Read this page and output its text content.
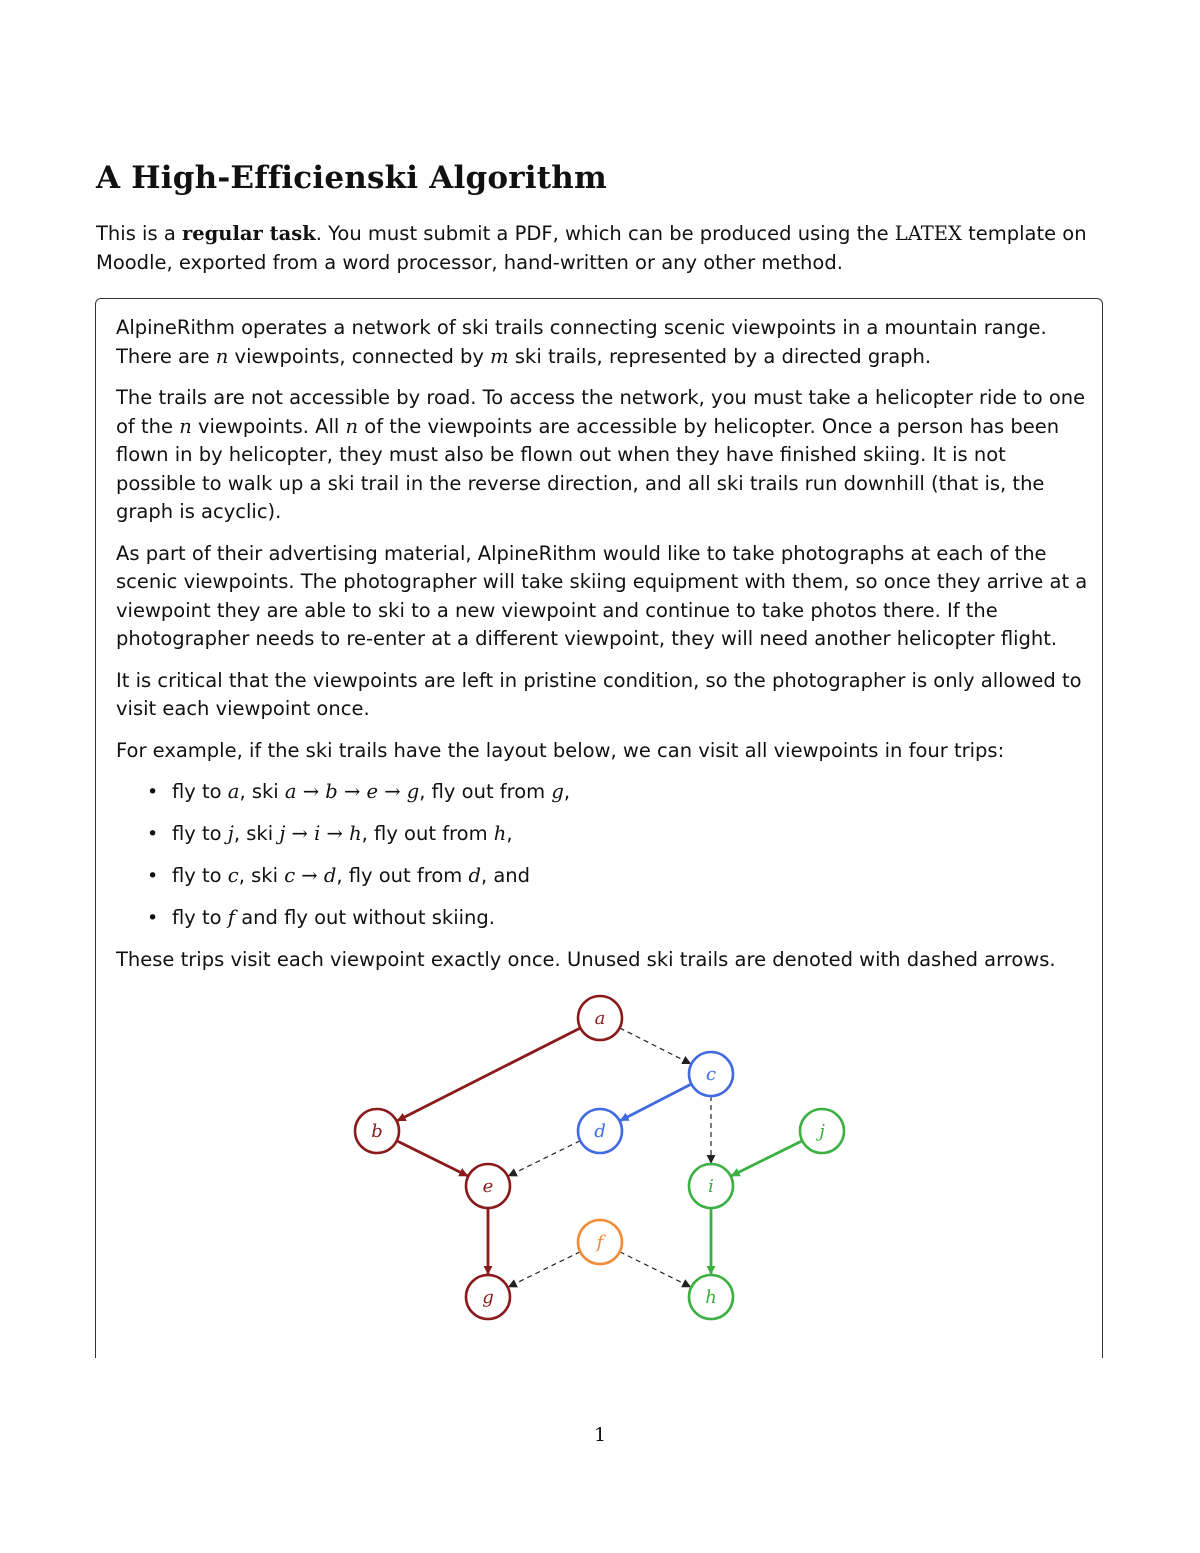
A High-Efficienski Algorithm

This is a regular task. You must submit a PDF, which can be produced using the LATEX template on Moodle, exported from a word processor, hand-written or any other method.

AlpineRithm operates a network of ski trails connecting scenic viewpoints in a mountain range. There are n viewpoints, connected by m ski trails, represented by a directed graph.

The trails are not accessible by road. To access the network, you must take a helicopter ride to one of the n viewpoints. All n of the viewpoints are accessible by helicopter. Once a person has been flown in by helicopter, they must also be flown out when they have finished skiing. It is not possible to walk up a ski trail in the reverse direction, and all ski trails run downhill (that is, the graph is acyclic).

As part of their advertising material, AlpineRithm would like to take photographs at each of the scenic viewpoints. The photographer will take skiing equipment with them, so once they arrive at a viewpoint they are able to ski to a new viewpoint and continue to take photos there. If the photographer needs to re-enter at a different viewpoint, they will need another helicopter flight.

It is critical that the viewpoints are left in pristine condition, so the photographer is only allowed to visit each viewpoint once.

For example, if the ski trails have the layout below, we can visit all viewpoints in four trips:

• fly to a, ski a → b → e → g, fly out from g,
• fly to j, ski j → i → h, fly out from h,
• fly to c, ski c → d, fly out from d, and
• fly to f and fly out without skiing.

These trips visit each viewpoint exactly once. Unused ski trails are denoted with dashed arrows.

a
b
c
d
e
f
g	h
i
j
1
